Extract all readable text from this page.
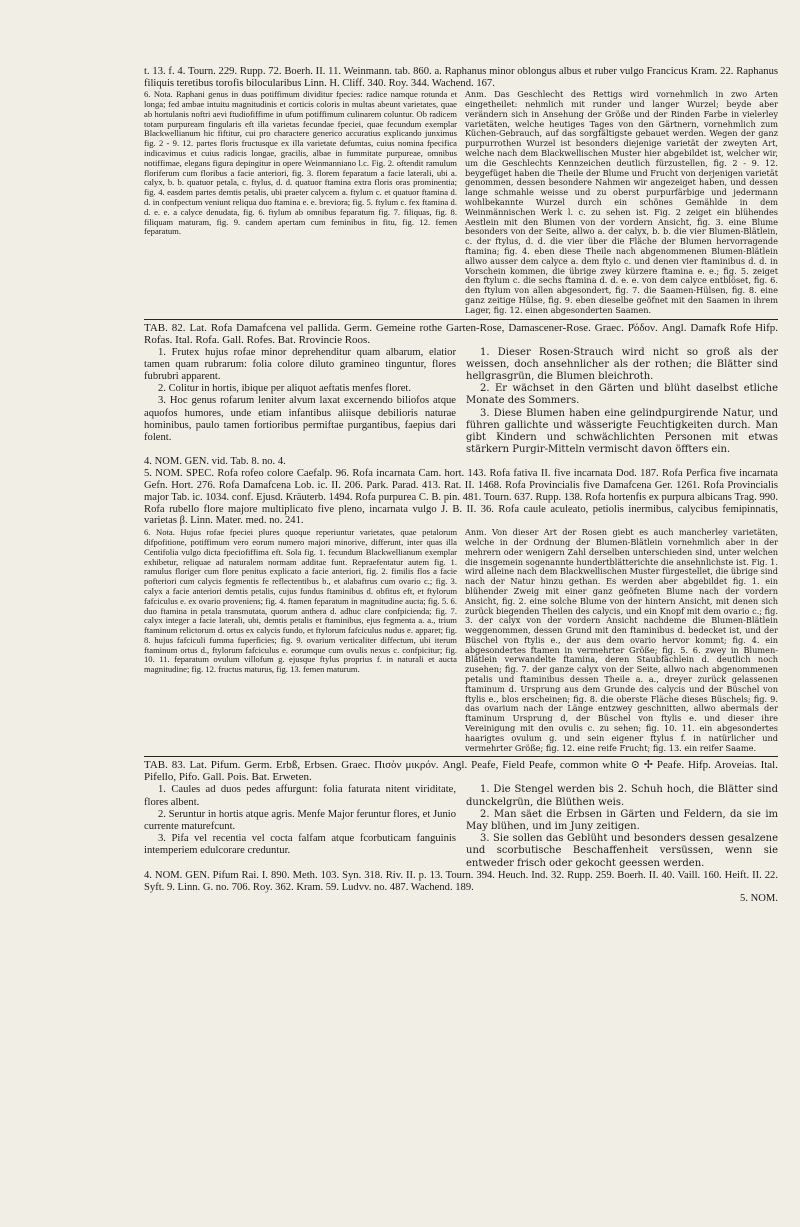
t. 13. f. 4. Tourn. 229. Rupp. 72. Boerh. II. 11. Weinmann. tab. 860. a. Raphanus minor oblongus albus et ruber vulgo Francicus Kram. 22. Raphanus filiquis teretibus torofis bilocularibus Linn. H. Cliff. 340. Roy. 344. Wachend. 167.

6. Nota. Raphani genus in duas potiffimum dividitur fpecies: radice namque rotunda et longa; fed ambae intuitu magnitudinis et corticis coloris in multas abeunt varietates, quae ab hortulanis noftri aevi ftudiofiffime in ufum potiffimum culinarem coluntur. Ob radicem totam purpuream fingularis eft illa varietas fecundae fpeciei, quae fecundum exemplar Blackwellianum hic fiftitur, cui pro charactere generico accuratius explicando junximus fig. 2 - 9. 12. partes floris fructusque ex illa varietate defumtas, cuius nomina fpecifica indicavimus et cuius radicis longae, gracilis, albae in fummitate purpureae, omnibus notiffimae, elegans figura depingitur in opere Weinmanniano l.c. Fig. 2. oftendit ramulum floriferum cum floribus a facie anteriori, fig. 3. florem feparatum a facie laterali, ubi a. calyx, b. b. quatuor petala, c. ftylus, d. d. quatuor ftamina extra floris oras prominentia; fig. 4. easdem partes demtis petalis, ubi praeter calycem a. ftylum c. et quatuor ftamina d. d. in confpectum veniunt reliqua duo ftamina e. e. breviora; fig. 5. ftylum c. fex ftamina d. d. e. e. a calyce denudata, fig. 6. ftylum ab omnibus feparatum fig. 7. filiquas, fig. 8. filiquam maturam, fig. 9. candem apertam cum feminibus in fitu, fig. 12. femen feparatum.

Anm. Das Geschlecht des Rettigs wird vornehmlich in zwo Arten eingetheilet: nehmlich mit runder und langer Wurzel; beyde aber verändern sich in Ansehung der Größe und der Rinden Farbe in vielerley varietäten, welche heutiges Tages von den Gärtnern, vornehmlich zum Küchen-Gebrauch, auf das sorgfältigste gebauet werden. Wegen der ganz purpurrothen Wurzel ist besonders diejenige varietät der zweyten Art, welche nach dem Blackwellischen Muster hier abgebildet ist, welcher wir, um die Geschlechts Kennzeichen deutlich fürzustellen, fig. 2 - 9. 12. beygefüget haben die Theile der Blume und Frucht von derjenigen varietät genommen, dessen besondere Nahmen wir angezeiget haben, und dessen lange schmahle weisse und zu oberst purpurfärbige und jedermann wohlbekannte Wurzel durch ein schönes Gemählde in dem Weinmännischen Werk l. c. zu sehen ist. Fig. 2 zeiget ein blühendes Aestlein mit den Blumen von der vordern Ansicht, fig. 3. eine Blume besonders von der Seite, allwo a. der calyx, b. b. die vier Blumen-Blätlein, c. der ftylus, d. d. die vier über die Fläche der Blumen hervorragende ftamina; fig. 4. eben diese Theile nach abgenommenen Blumen-Blätlein allwo ausser dem calyce a. dem ftylo c. und denen vier ftaminibus d. d. in Vorschein kommen, die übrige zwey kürzere ftamina e. e.; fig. 5. zeiget den ftylum c. die sechs ftamina d. d. e. e. von dem calyce entblöset, fig. 6. den ftylum von allen abgesondert, fig. 7. die Saamen-Hülsen, fig. 8. eine ganz zeitige Hülse, fig. 9. eben dieselbe geöfnet mit den Saamen in ihrem Lager, fig. 12. einen abgesonderten Saamen.

TAB. 82. Lat. Rofa Damafcena vel pallida. Germ. Gemeine rothe Garten-Rose, Damascener-Rose. Graec. P̔όδον. Angl. Damafk Rofe Hifp. Rofas. Ital. Rofa. Gall. Rofes. Bat. Rrovincie Roos.

1. Frutex hujus rofae minor deprehenditur quam albarum, elatior tamen quam rubrarum: folia colore diluto gramineo tinguntur, flores fubrubri apparent.

2. Colitur in hortis, ibique per aliquot aeftatis menfes floret.

3. Hoc genus rofarum leniter alvum laxat excernendo biliofos atque aquofos humores, unde etiam infantibus aliisque debilioris naturae hominibus, paulo tamen fortioribus permiftae purgantibus, faepius dari folent.

1. Dieser Rosen-Strauch wird nicht so groß als der weissen, doch ansehnlicher als der rothen; die Blätter sind hellgrasgrün, die Blumen bleichroth.

2. Er wächset in den Gärten und blüht daselbst etliche Monate des Sommers.

3. Diese Blumen haben eine gelindpurgirende Natur, und führen gallichte und wässerigte Feuchtigkeiten durch. Man gibt Kindern und schwächlichten Personen mit etwas stärkern Purgir-Mitteln vermischt davon öffters ein.

4. NOM. GEN. vid. Tab. 8. no. 4.

5. NOM. SPEC. Rofa rofeo colore Caefalp. 96. Rofa incarnata Cam. hort. 143. Rofa fativa II. five incarnata Dod. 187. Rofa Perfica five incarnata Gefn. Hort. 276. Rofa Damafcena Lob. ic. II. 206. Park. Parad. 413. Rat. II. 1468. Rofa Provincialis five Damafcena Ger. 1261. Rofa Provincialis major Tab. ic. 1034. conf. Ejusd. Kräuterb. 1494. Rofa purpurea C. B. pin. 481. Tourn. 637. Rupp. 138. Rofa hortenfis ex purpura albicans Trag. 990. Rofa rubello flore majore multiplicato five pleno, incarnata vulgo J. B. II. 36. Rofa caule aculeato, petiolis inermibus, calycibus femipinnatis, varietas β. Linn. Mater. med. no. 241.

6. Nota. Hujus rofae fpeciei plures quoque reperiuntur varietates, quae petalorum difpofitione, potiffimum vero eorum numero majori minorive, differunt, inter quas illa Centifolia vulgo dicta fpeciofiffima eft. Sola fig. 1. fecundum Blackwellianum exemplar exhibetur, reliquae ad naturalem normam additae funt. Repraefentatur autem fig. 1. ramulus floriger cum flore penitus explicato a facie anteriori, fig. 2. fimilis flos a facie pofteriori cum calycis fegmentis fe reflectentibus b., et alabaftrus cum ovario c.; fig. 3. calyx a facie anteriori demtis petalis, cujus fundus ftaminibus d. obfitus eft, et ftylorum fafciculus e. ex ovario proveniens; fig. 4. ftamen feparatum in magnitudine aucta; fig. 5. 6. duo ftamina in petala transmutata, quorum anthera d. adhuc clare confpicienda; fig. 7. calyx integer a facie laterali, ubi, demtis petalis et ftaminibus, ejus fegmenta a. a., trium ftaminum relictorum d. ortus ex calycis fundo, et ftylorum fafciculus nudus e. apparet; fig. 8. hujus fafciculi fumma fuperficies; fig. 9. ovarium verticaliter diffectum, ubi iterum ftaminum ortus d., ftylorum fafciculus e. eorumque cum ovulis nexus c. confpicitur; fig. 10. 11. feparatum ovulum villofum g. ejusque ftylus proprius f. in naturali et aucta magnitudine; fig. 12. fructus maturus, fig. 13. femen maturum.

Anm. Von dieser Art der Rosen giebt es auch mancherley varietäten, welche in der Ordnung der Blumen-Blätlein vornehmlich aber in der mehrern oder wenigern Zahl derselben unterschieden sind, unter welchen die insgemein sogenannte hundertblätterichte die ansehnlichste ist. Fig. 1. wird alleine nach dem Blackwellischen Muster fürgestellet, die übrige sind nach der Natur hinzu gethan. Es werden aber abgebildet fig. 1. ein blühender Zweig mit einer ganz geöfneten Blume nach der vordern Ansicht, fig. 2. eine solche Blume von der hintern Ansicht, mit denen sich zurück biegenden Theilen des calycis, und ein Knopf mit dem ovario c.; fig. 3. der calyx von der vordern Ansicht nachdeme die Blumen-Blätlein weggenommen, dessen Grund mit den ftaminibus d. bedecket ist, und der Büschel von ftylis e., der aus dem ovario hervor kommt; fig. 4. ein abgesondertes ftamen in vermehrter Größe; fig. 5. 6. zwey in Blumen-Blätlein verwandelte ftamina, deren Staubfächlein d. deutlich noch zusehen; fig. 7. der ganze calyx von der Seite, allwo nach abgenommenen petalis und ftaminibus dessen Theile a. a., dreyer zurück gelassenen ftaminum d. Ursprung aus dem Grunde des calycis und der Büschel von ftylis e., blos erscheinen; fig. 8. die oberste Fläche dieses Büschels; fig. 9. das ovarium nach der Länge entzwey geschnitten, allwo abermals der ftaminum Ursprung d, der Büschel von ftylis e. und dieser ihre Vereinigung mit den ovulis c. zu sehen; fig. 10. 11. ein abgesondertes haarigtes ovulum g. und sein eigener ftylus f. in natürlicher und vermehrter Größe; fig. 12. eine reife Frucht; fig. 13. ein reifer Saame.

TAB. 83. Lat. Pifum. Germ. Erbß, Erbsen. Graec. Πισὸν μικρόν. Angl. Peafe, Field Peafe, common white ⊙ ✢ Peafe. Hifp. Aroveias. Ital. Pifello, Pifo. Gall. Pois. Bat. Erweten.

1. Caules ad duos pedes affurgunt: folia faturata nitent viriditate, flores albent.

2. Seruntur in hortis atque agris. Menfe Major feruntur flores, et Junio currente maturefcunt.

3. Pifa vel recentia vel cocta falfam atque fcorbuticam fanguinis intemperiem edulcorare creduntur.

1. Die Stengel werden bis 2. Schuh hoch, die Blätter sind dunckelgrün, die Blüthen weis.

2. Man säet die Erbsen in Gärten und Feldern, da sie im May blühen, und im Juny zeitigen.

3. Sie sollen das Geblüht und besonders dessen gesalzene und scorbutische Beschaffenheit versüssen, wenn sie entweder frisch oder gekocht geessen werden.

4. NOM. GEN. Pifum Rai. I. 890. Meth. 103. Syn. 318. Riv. II. p. 13. Tourn. 394. Heuch. Ind. 32. Rupp. 259. Boerh. II. 40. Vaill. 160. Heift. II. 22. Syft. 9. Linn. G. no. 706. Roy. 362. Kram. 59. Ludvv. no. 487. Wachend. 189.

5. NOM.
